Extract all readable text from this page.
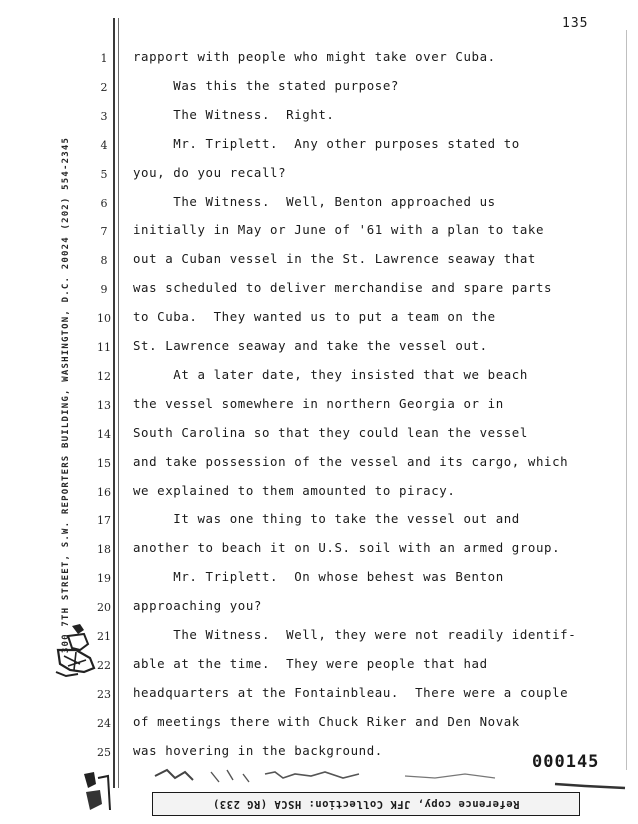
135
300 7TH STREET, S.W. REPORTERS BUILDING, WASHINGTON, D.C. 20024 (202) 554-2345
1	rapport with people who might take over Cuba.
2	Was this the stated purpose?
3	The Witness.  Right.
4	Mr. Triplett.  Any other purposes stated to
5	you, do you recall?
6	The Witness.  Well, Benton approached us
7	initially in May or June of '61 with a plan to take
8	out a Cuban vessel in the St. Lawrence seaway that
9	was scheduled to deliver merchandise and spare parts
10	to Cuba.  They wanted us to put a team on the
11	St. Lawrence seaway and take the vessel out.
12	At a later date, they insisted that we beach
13	the vessel somewhere in northern Georgia or in
14	South Carolina so that they could lean the vessel
15	and take possession of the vessel and its cargo, which
16	we explained to them amounted to piracy.
17	It was one thing to take the vessel out and
18	another to beach it on U.S. soil with an armed group.
19	Mr. Triplett.  On whose behest was Benton
20	approaching you?
21	The Witness.  Well, they were not readily identif-
22	able at the time.  They were people that had
23	headquarters at the Fontainbleau.  There were a couple
24	of meetings there with Chuck Riker and Den Novak
25	was hovering in the background.
000145
Reference copy, JFK Collection: HSCA (RG 233)
